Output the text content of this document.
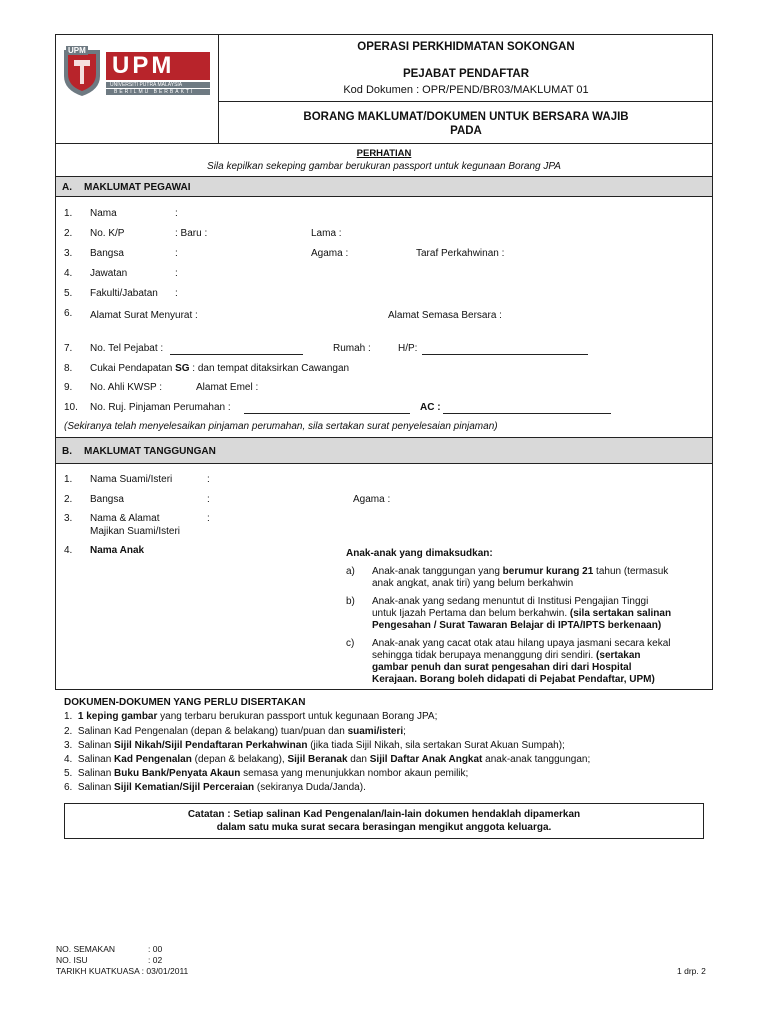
UPM
UPM
UNIVERSITI PUTRA MALAYSIA
BERILMU BERBAKTI
OPERASI PERKHIDMATAN SOKONGAN
PEJABAT PENDAFTAR
Kod Dokumen : OPR/PEND/BR03/MAKLUMAT 01
BORANG MAKLUMAT/DOKUMEN UNTUK BERSARA WAJIB
PADA
PERHATIAN
Sila kepilkan sekeping gambar berukuran passport untuk kegunaan Borang JPA
A. MAKLUMAT PEGAWAI
1. Nama	:
2. No. K/P	: Baru :	Lama :
3. Bangsa	:	Agama :	Taraf Perkahwinan :
4. Jawatan	:
5. Fakulti/Jabatan :
6. Alamat Surat Menyurat :	Alamat Semasa Bersara :
7. No. Tel Pejabat :	Rumah :	H/P:
8. Cukai Pendapatan SG : dan tempat ditaksirkan Cawangan
9. No. Ahli KWSP :	Alamat Emel :
10. No. Ruj. Pinjaman Perumahan :	AC :
(Sekiranya telah menyelesaikan pinjaman perumahan, sila sertakan surat penyelesaian pinjaman)
B. MAKLUMAT TANGGUNGAN
1. Nama Suami/Isteri	:
2. Bangsa	:	Agama :
3. Nama & Alamat
Majikan Suami/Isteri
:
4. Nama Anak	Anak-anak yang dimaksudkan:
a) Anak-anak tanggungan yang berumur kurang 21 tahun (termasuk
anak angkat, anak tiri) yang belum berkahwin
b) Anak-anak yang sedang menuntut di Institusi Pengajian Tinggi
untuk Ijazah Pertama dan belum berkahwin. (sila sertakan salinan
Pengesahan / Surat Tawaran Belajar di IPTA/IPTS berkenaan)
c) Anak-anak yang cacat otak atau hilang upaya jasmani secara kekal
sehingga tidak berupaya menanggung diri sendiri. (sertakan
gambar penuh dan surat pengesahan diri dari Hospital
Kerajaan. Borang boleh didapati di Pejabat Pendaftar, UPM)
DOKUMEN-DOKUMEN YANG PERLU DISERTAKAN
1. 1 keping gambar yang terbaru berukuran passport untuk kegunaan Borang JPA;
2. Salinan Kad Pengenalan (depan & belakang) tuan/puan dan suami/isteri;
3. Salinan Sijil Nikah/Sijil Pendaftaran Perkahwinan (jika tiada Sijil Nikah, sila sertakan Surat Akuan Sumpah);
4. Salinan Kad Pengenalan (depan & belakang), Sijil Beranak dan Sijil Daftar Anak Angkat anak-anak tanggungan;
5. Salinan Buku Bank/Penyata Akaun semasa yang menunjukkan nombor akaun pemilik;
6. Salinan Sijil Kematian/Sijil Perceraian (sekiranya Duda/Janda).
Catatan : Setiap salinan Kad Pengenalan/lain-lain dokumen hendaklah dipamerkan
dalam satu muka surat secara berasingan mengikut anggota keluarga.
NO. SEMAKAN	: 00
NO. ISU	: 02
TARIKH KUATKUASA : 03/01/2011	1 drp. 2
